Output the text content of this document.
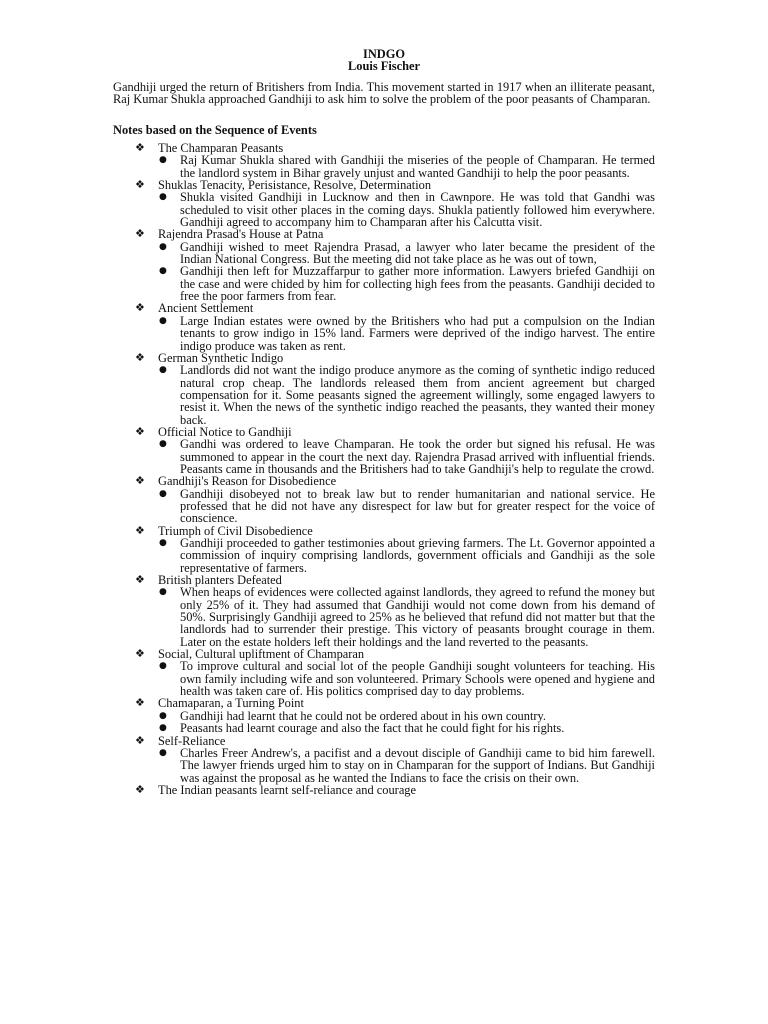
INDGO
Louis Fischer
Gandhiji urged the return of Britishers from India. This movement started in 1917 when an illiterate peasant, Raj Kumar Shukla approached Gandhiji to ask him to solve the problem of the poor peasants of Champaran.
Notes based on the Sequence of Events
❖	The Champaran Peasants
● Raj Kumar Shukla shared with Gandhiji the miseries of the people of Champaran. He termed the landlord system in Bihar gravely unjust and wanted Gandhiji to help the poor peasants.
❖	Shuklas Tenacity, Perisistance, Resolve, Determination
● Shukla visited Gandhiji in Lucknow and then in Cawnpore. He was told that Gandhi was scheduled to visit other places in the coming days. Shukla patiently followed him everywhere. Gandhiji agreed to accompany him to Champaran after his Calcutta visit.
❖	Rajendra Prasad's House at Patna
● Gandhiji wished to meet Rajendra Prasad, a lawyer who later became the president of the Indian National Congress. But the meeting did not take place as he was out of town,
● Gandhiji then left for Muzzaffarpur to gather more information. Lawyers briefed Gandhiji on the case and were chided by him for collecting high fees from the peasants. Gandhiji decided to free the poor farmers from fear.
❖	Ancient Settlement
● Large Indian estates were owned by the Britishers who had put a compulsion on the Indian tenants to grow indigo in 15% land. Farmers were deprived of the indigo harvest. The entire indigo produce was taken as rent.
❖	German Synthetic Indigo
● Landlords did not want the indigo produce anymore as the coming of synthetic indigo reduced natural crop cheap. The landlords released them from ancient agreement but charged compensation for it. Some peasants signed the agreement willingly, some engaged lawyers to resist it. When the news of the synthetic indigo reached the peasants, they wanted their money back.
❖	Official Notice to Gandhiji
● Gandhi was ordered to leave Champaran. He took the order but signed his refusal. He was summoned to appear in the court the next day. Rajendra Prasad arrived with influential friends. Peasants came in thousands and the Britishers had to take Gandhiji's help to regulate the crowd.
❖	Gandhiji's Reason for Disobedience
● Gandhiji disobeyed not to break law but to render humanitarian and national service. He professed that he did not have any disrespect for law but for greater respect for the voice of conscience.
❖	Triumph of Civil Disobedience
● Gandhiji proceeded to gather testimonies about grieving farmers. The Lt. Governor appointed a commission of inquiry comprising landlords, government officials and Gandhiji as the sole representative of farmers.
❖	British planters Defeated
● When heaps of evidences were collected against landlords, they agreed to refund the money but only 25% of it. They had assumed that Gandhiji would not come down from his demand of 50%. Surprisingly Gandhiji agreed to 25% as he believed that refund did not matter but that the landlords had to surrender their prestige. This victory of peasants brought courage in them. Later on the estate holders left their holdings and the land reverted to the peasants.
❖	Social, Cultural upliftment of Champaran
● To improve cultural and social lot of the people Gandhiji sought volunteers for teaching. His own family including wife and son volunteered. Primary Schools were opened and hygiene and health was taken care of. His politics comprised day to day problems.
❖	Chamaparan, a Turning Point
● Gandhiji had learnt that he could not be ordered about in his own country.
● Peasants had learnt courage and also the fact that he could fight for his rights.
❖	Self-Reliance
● Charles Freer Andrew's, a pacifist and a devout disciple of Gandhiji came to bid him farewell. The lawyer friends urged him to stay on in Champaran for the support of Indians. But Gandhiji was against the proposal as he wanted the Indians to face the crisis on their own.
❖	The Indian peasants learnt self-reliance and courage
